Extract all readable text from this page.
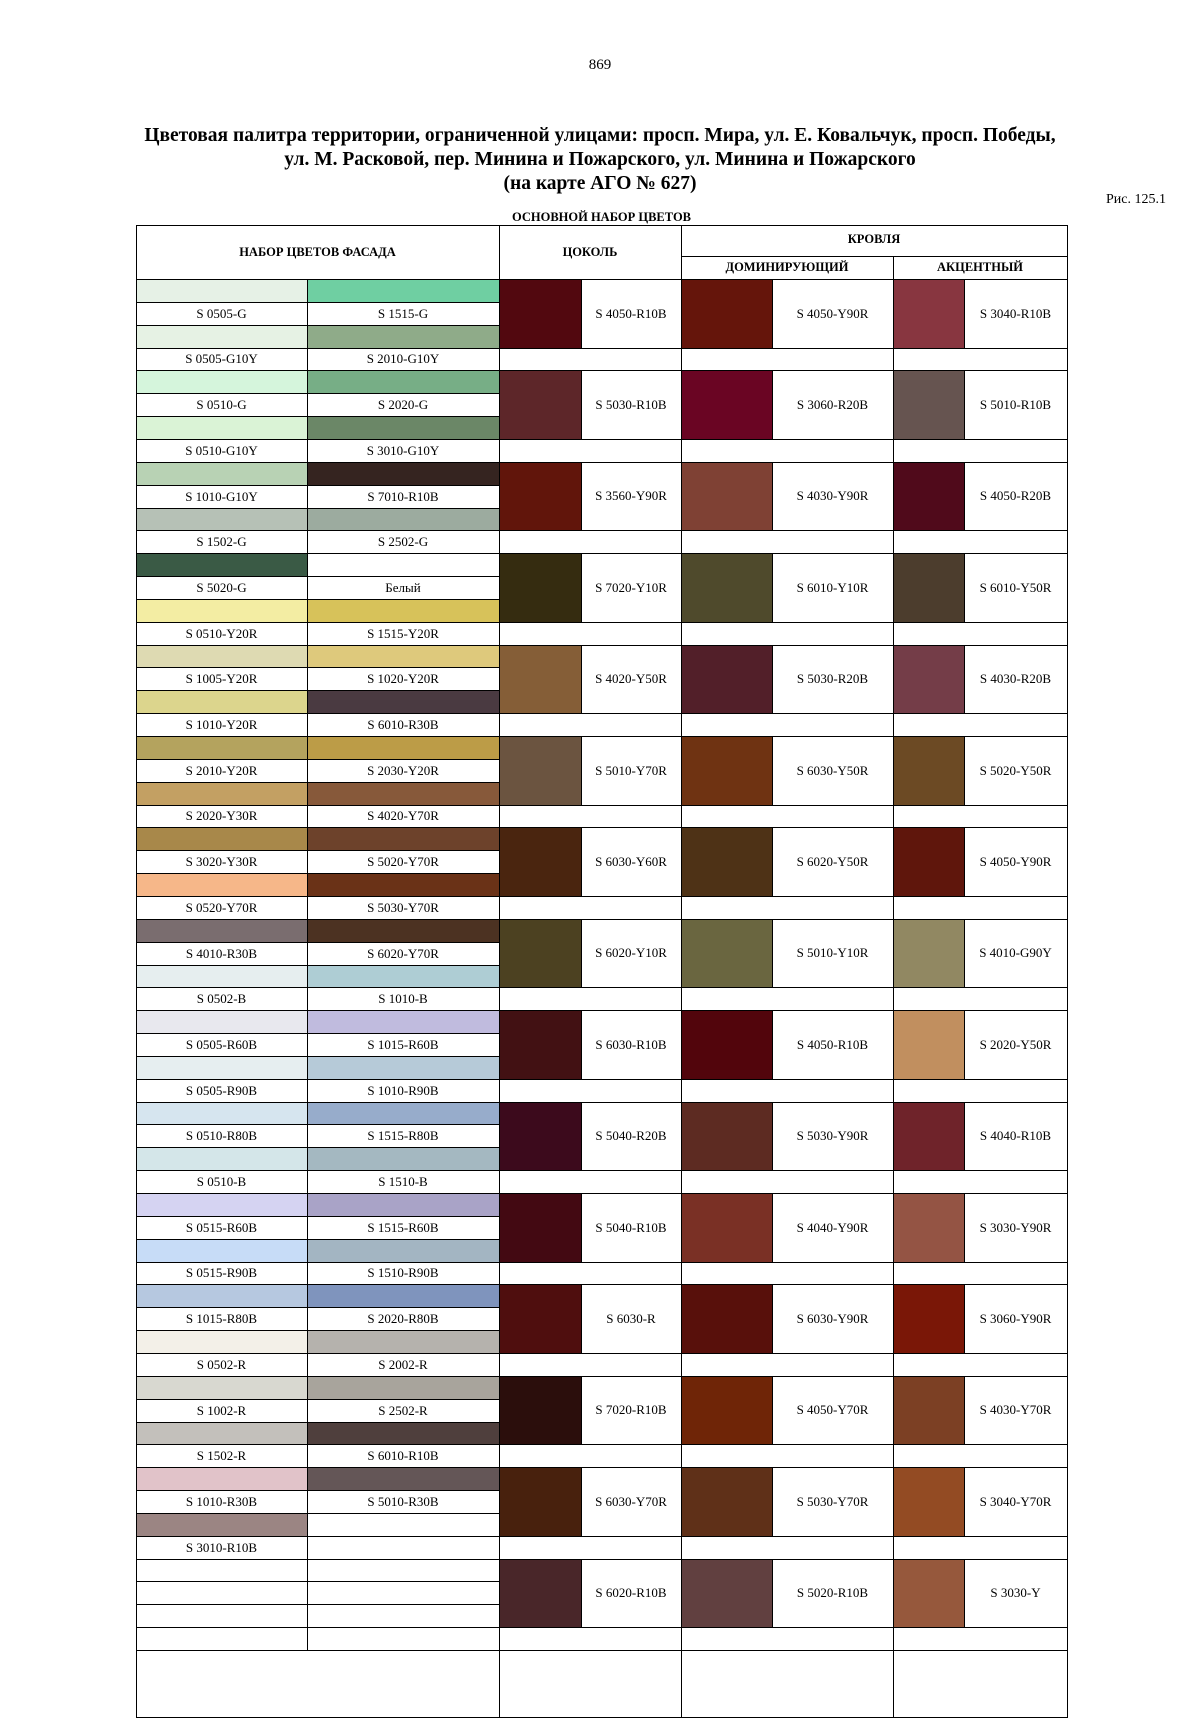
869
Цветовая палитра территории, ограниченной улицами: просп. Мира, ул. Е. Ковальчук, просп. Победы,
ул. М. Расковой, пер. Минина и Пожарского, ул. Минина и Пожарского
(на карте АГО № 627)
Рис. 125.1
ОСНОВНОЙ НАБОР ЦВЕТОВ
НАБОР ЦВЕТОВ ФАСАДА	ЦОКОЛЬ
КРОВЛЯ
ДОМИНИРУЮЩИЙ	АКЦЕНТНЫЙ
S 0505-G	S 1515-G
S 0505-G10Y	S 2010-G10Y
S 4050-R10B	S 4050-Y90R	S 3040-R10B
S 0510-G	S 2020-G
S 0510-G10Y	S 3010-G10Y
S 5030-R10B	S 3060-R20B	S 5010-R10B
S 1010-G10Y	S 7010-R10B
S 1502-G	S 2502-G
S 3560-Y90R	S 4030-Y90R	S 4050-R20B
S 5020-G	Белый
S 0510-Y20R	S 1515-Y20R
S 7020-Y10R	S 6010-Y10R	S 6010-Y50R
S 1005-Y20R	S 1020-Y20R
S 1010-Y20R	S 6010-R30B
S 4020-Y50R	S 5030-R20B	S 4030-R20B
S 2010-Y20R	S 2030-Y20R
S 2020-Y30R	S 4020-Y70R
S 5010-Y70R	S 6030-Y50R	S 5020-Y50R
S 3020-Y30R	S 5020-Y70R
S 0520-Y70R	S 5030-Y70R
S 6030-Y60R	S 6020-Y50R	S 4050-Y90R
S 4010-R30B	S 6020-Y70R
S 0502-B	S 1010-B
S 6020-Y10R	S 5010-Y10R	S 4010-G90Y
S 0505-R60B	S 1015-R60B
S 0505-R90B	S 1010-R90B
S 6030-R10B	S 4050-R10B	S 2020-Y50R
S 0510-R80B	S 1515-R80B
S 0510-B	S 1510-B
S 5040-R20B	S 5030-Y90R	S 4040-R10B
S 0515-R60B	S 1515-R60B
S 0515-R90B	S 1510-R90B
S 5040-R10B	S 4040-Y90R	S 3030-Y90R
S 1015-R80B	S 2020-R80B
S 0502-R	S 2002-R
S 6030-R	S 6030-Y90R	S 3060-Y90R
S 1002-R	S 2502-R
S 1502-R	S 6010-R10B
S 7020-R10B	S 4050-Y70R	S 4030-Y70R
S 1010-R30B	S 5010-R30B
S 3010-R10B
S 6030-Y70R	S 5030-Y70R	S 3040-Y70R
S 6020-R10B	S 5020-R10B	S 3030-Y
